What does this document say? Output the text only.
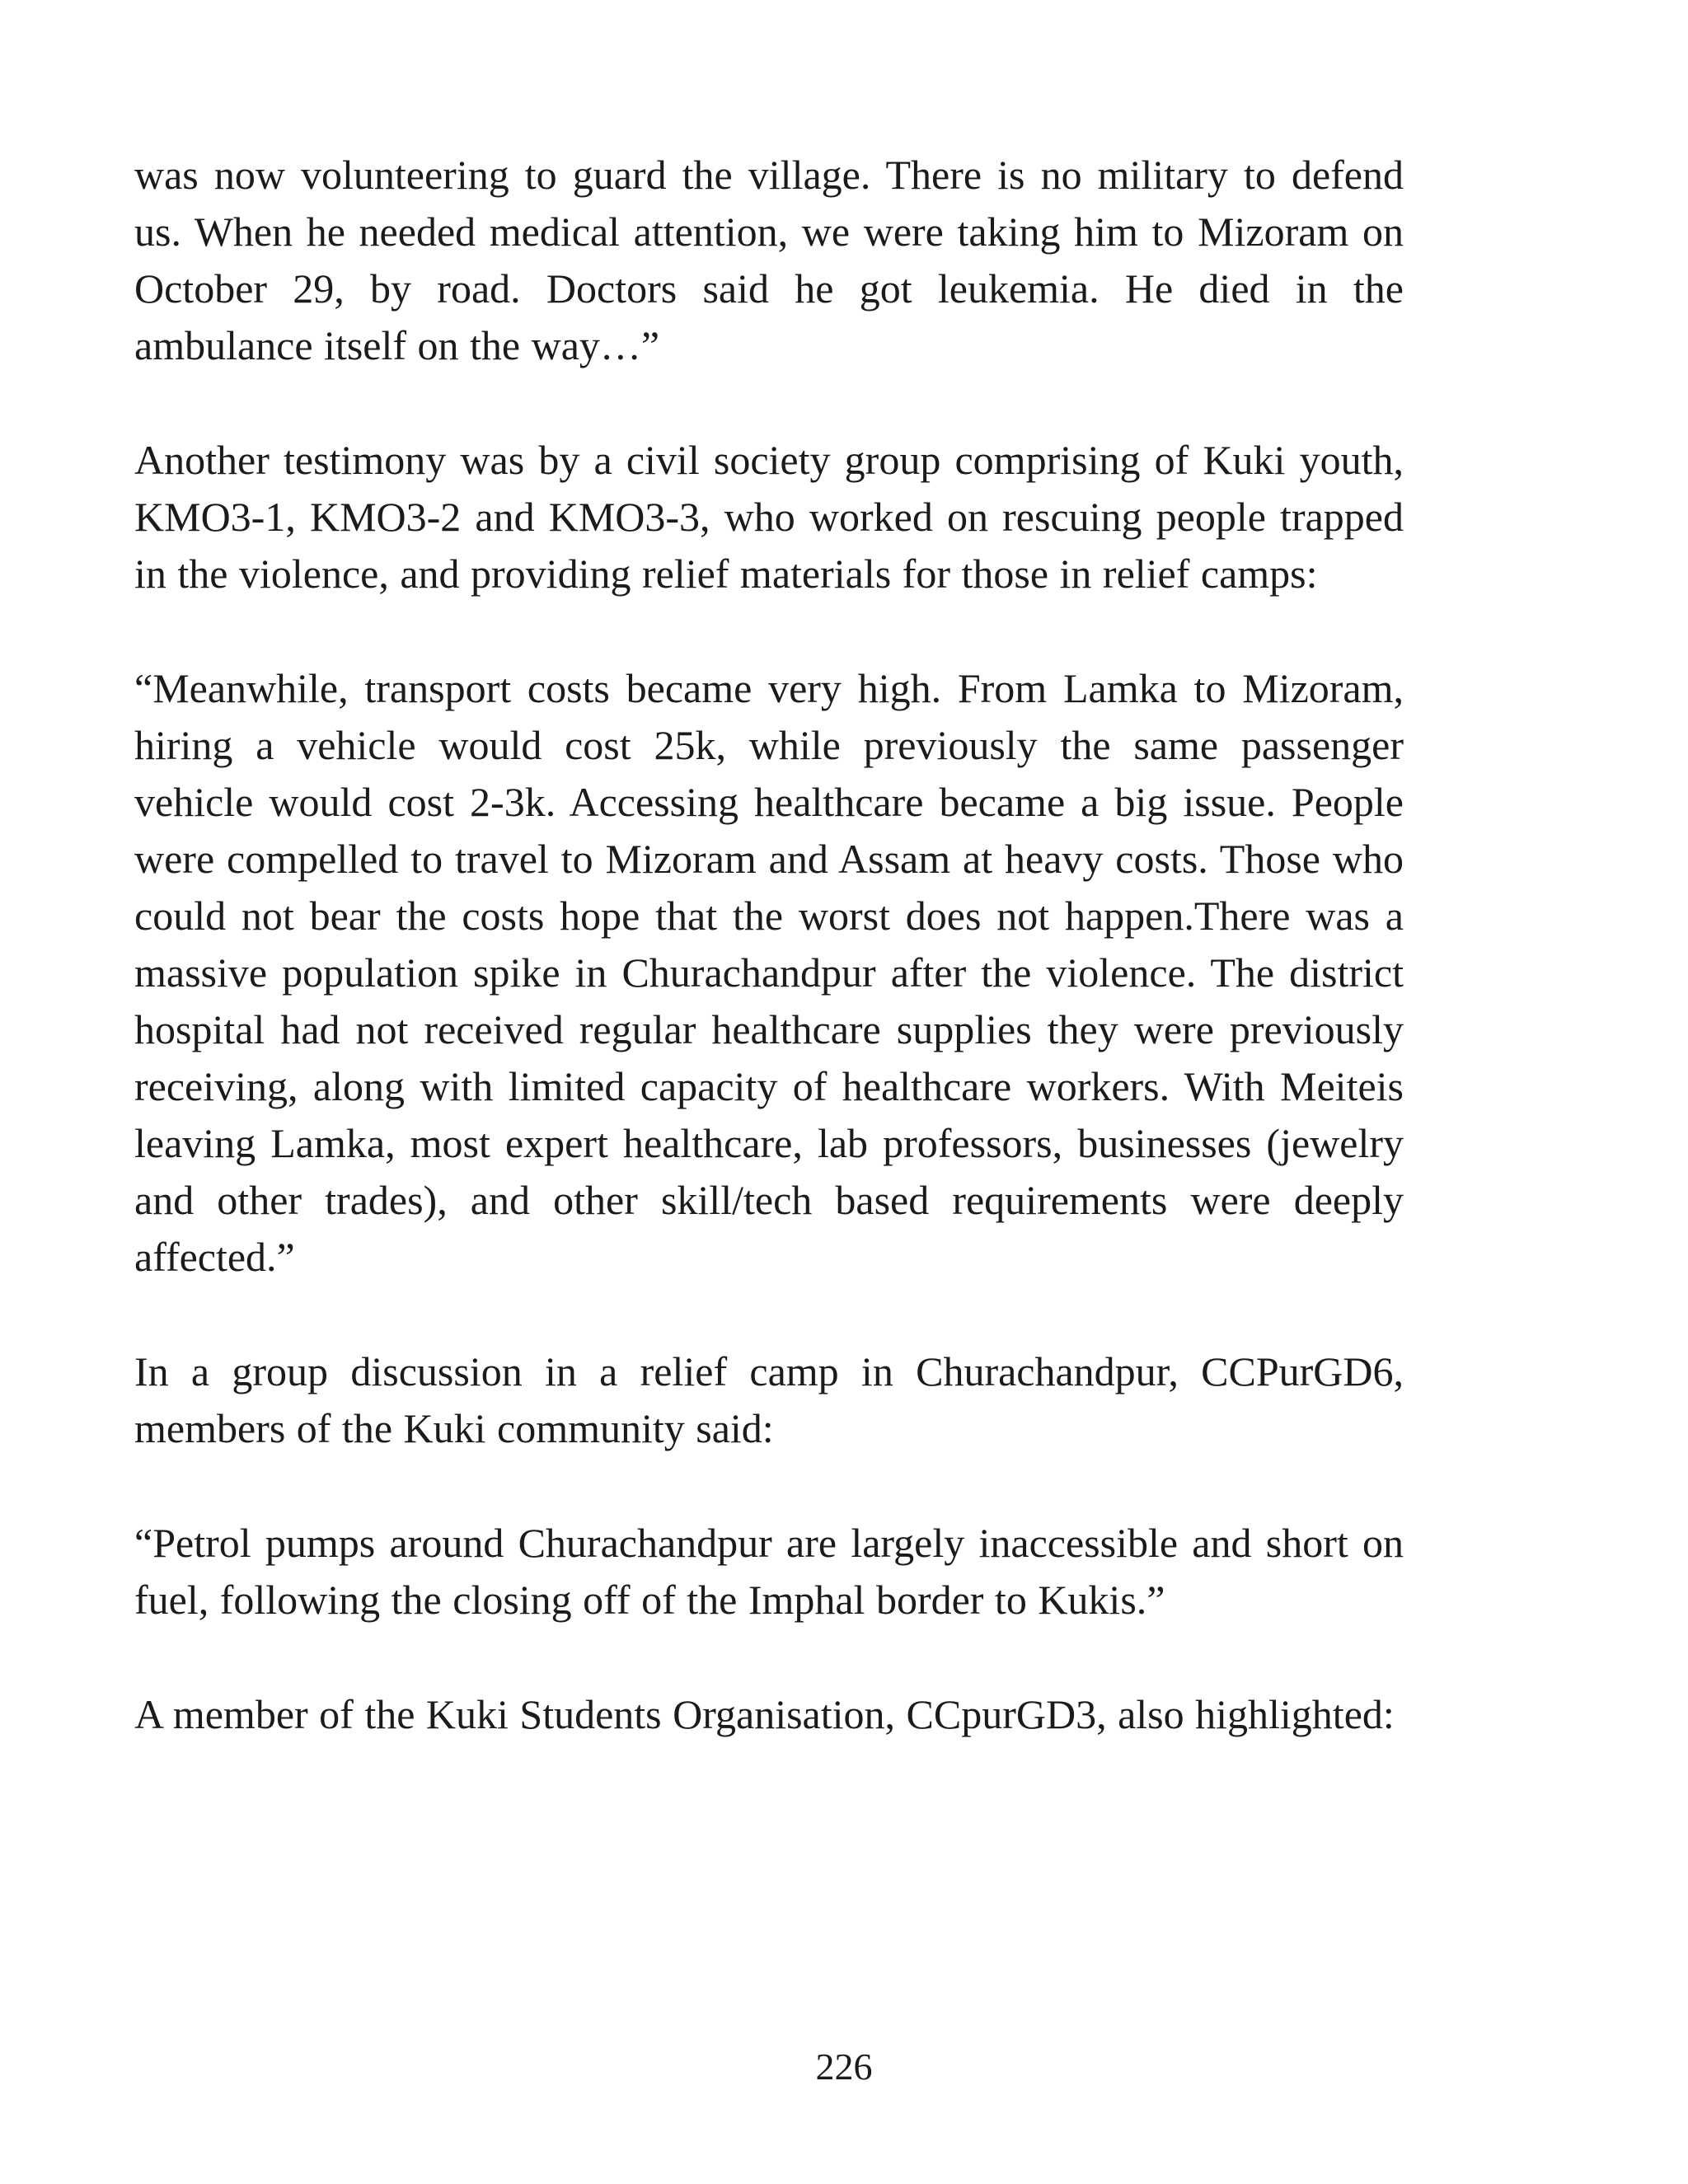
was now volunteering to guard the village. There is no military to defend us. When he needed medical attention, we were taking him to Mizoram on October 29, by road. Doctors said he got leukemia. He died in the ambulance itself on the way…”

Another testimony was by a civil society group comprising of Kuki youth, KMO3-1, KMO3-2 and KMO3-3, who worked on rescuing people trapped in the violence, and providing relief materials for those in relief camps:

“Meanwhile, transport costs became very high. From Lamka to Mizoram, hiring a vehicle would cost 25k, while previously the same passenger vehicle would cost 2-3k. Accessing healthcare became a big issue. People were compelled to travel to Mizoram and Assam at heavy costs. Those who could not bear the costs hope that the worst does not happen.There was a massive population spike in Churachandpur after the violence. The district hospital had not received regular healthcare supplies they were previously receiving, along with limited capacity of healthcare workers. With Meiteis leaving Lamka, most expert healthcare, lab professors, businesses (jewelry and other trades), and other skill/tech based requirements were deeply affected.”

In a group discussion in a relief camp in Churachandpur, CCPurGD6, members of the Kuki community said:

“Petrol pumps around Churachandpur are largely inaccessible and short on fuel, following the closing off of the Imphal border to Kukis.”

A member of the Kuki Students Organisation, CCpurGD3, also highlighted:

226
